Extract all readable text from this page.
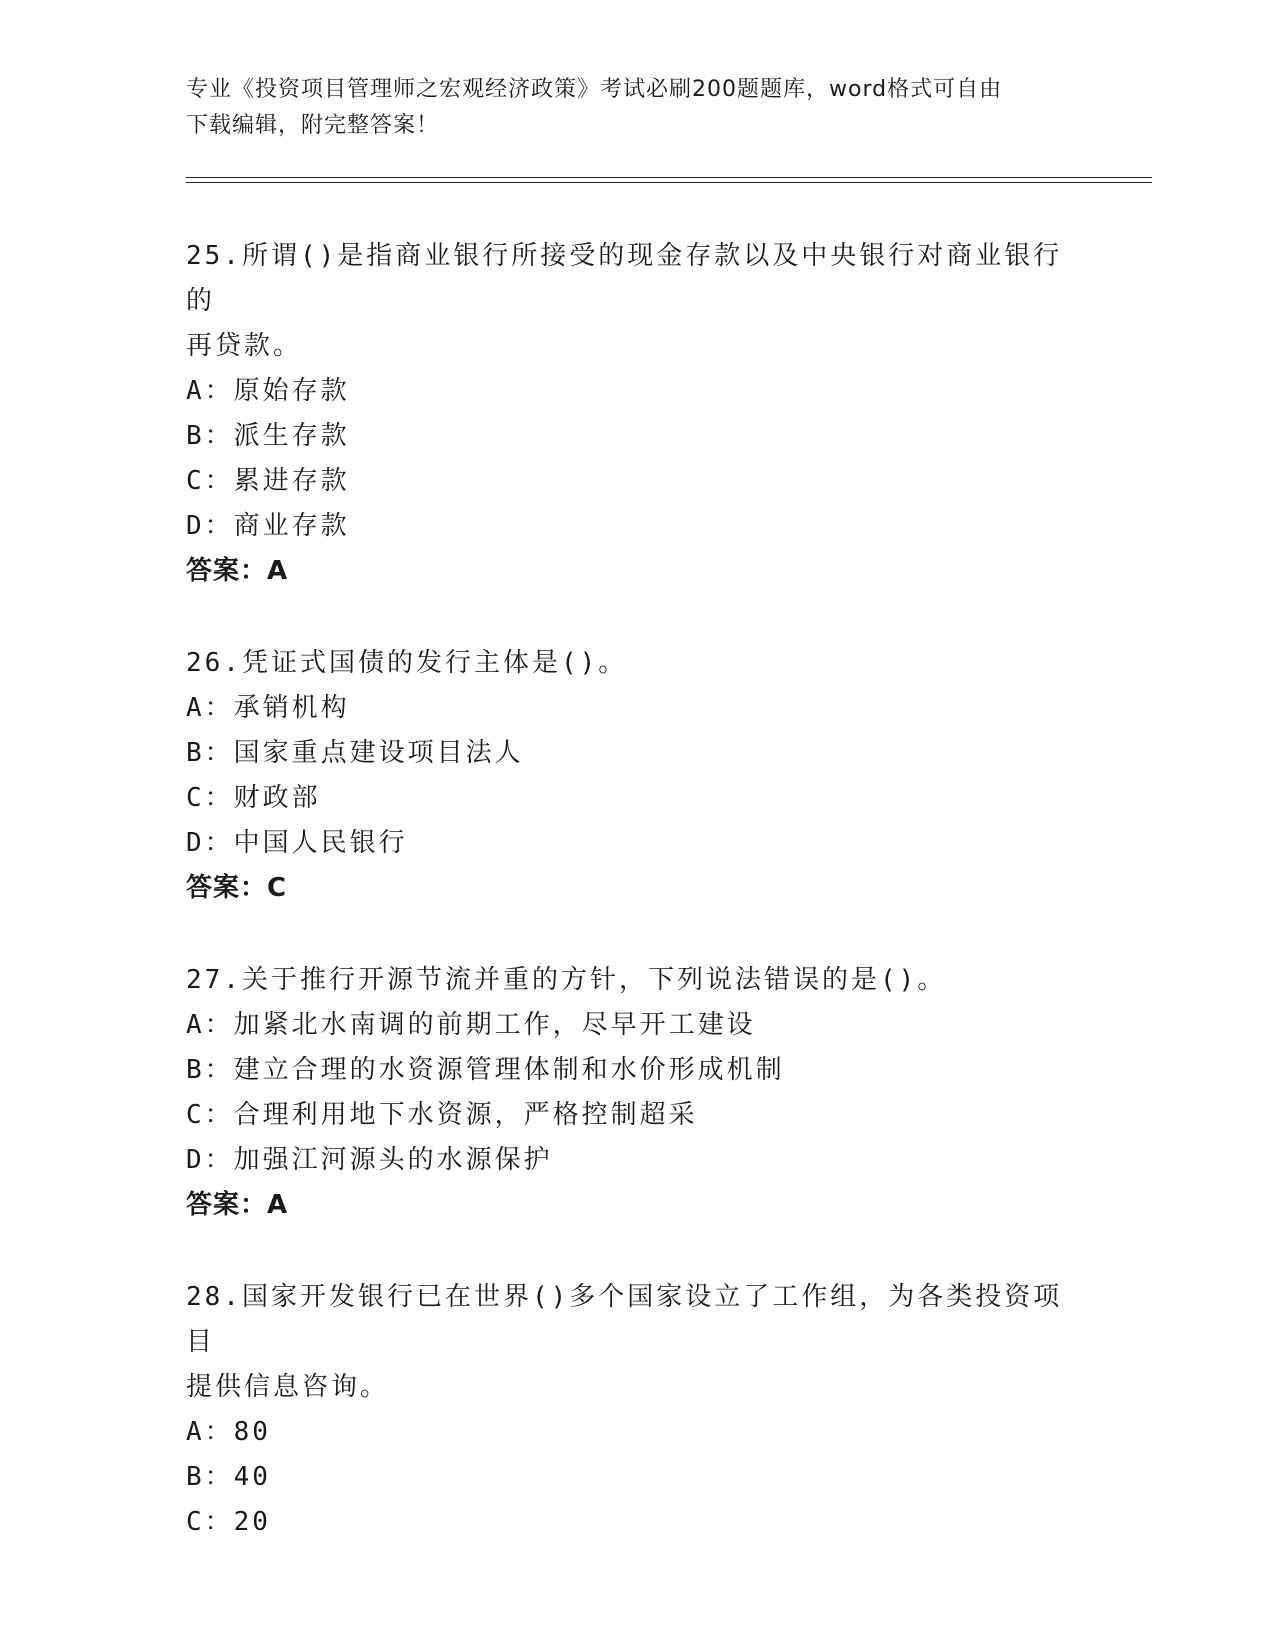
专业《投资项目管理师之宏观经济政策》考试必刷200题题库，word格式可自由
下载编辑，附完整答案！
25.所谓()是指商业银行所接受的现金存款以及中央银行对商业银行的
再贷款。
A：原始存款
B：派生存款
C：累进存款
D：商业存款
答案：A
26.凭证式国债的发行主体是()。
A：承销机构
B：国家重点建设项目法人
C：财政部
D：中国人民银行
答案：C
27.关于推行开源节流并重的方针，下列说法错误的是()。
A：加紧北水南调的前期工作，尽早开工建设
B：建立合理的水资源管理体制和水价形成机制
C：合理利用地下水资源，严格控制超采
D：加强江河源头的水源保护
答案：A
28.国家开发银行已在世界()多个国家设立了工作组，为各类投资项目
提供信息咨询。
A：80
B：40
C：20
